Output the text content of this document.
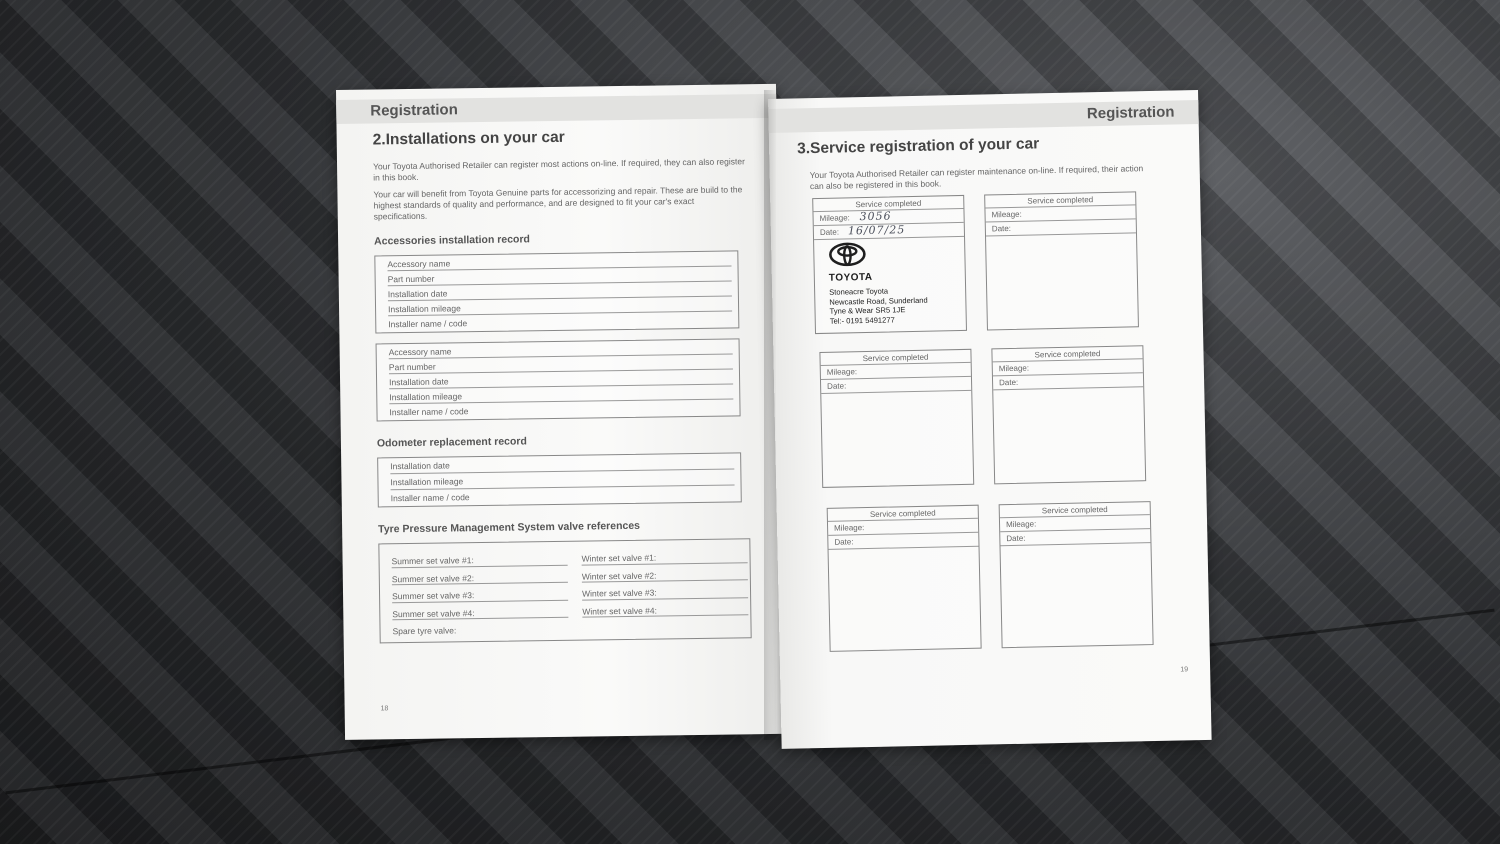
Registration
2.Installations on your car
Your Toyota Authorised Retailer can register most actions on-line. If required, they can also register in this book.
Your car will benefit from Toyota Genuine parts for accessorizing and repair. These are build to the highest standards of quality and performance, and are designed to fit your car's exact specifications.
Accessories installation record
Accessory name
Part number
Installation date
Installation mileage
Installer name / code
Accessory name
Part number
Installation date
Installation mileage
Installer name / code
Odometer replacement record
Installation date
Installation mileage
Installer name / code
Tyre Pressure Management System valve references
Summer set valve #1:
Summer set valve #2:
Summer set valve #3:
Summer set valve #4:
Spare tyre valve:
Winter set valve #1:
Winter set valve #2:
Winter set valve #3:
Winter set valve #4:
18
Registration
3.Service registration of your car
Your Toyota Authorised Retailer can register maintenance on-line. If required, their action can also be registered in this book.
Service completed
Mileage: 3056
Date: 16/07/25
TOYOTA
Stoneacre Toyota
Newcastle Road, Sunderland
Tyne & Wear SR5 1JE
Tel:- 0191 5491277
Service completed
Mileage:
Date:
Service completed
Mileage:
Date:
Service completed
Mileage:
Date:
Service completed
Mileage:
Date:
Service completed
Mileage:
Date:
19
